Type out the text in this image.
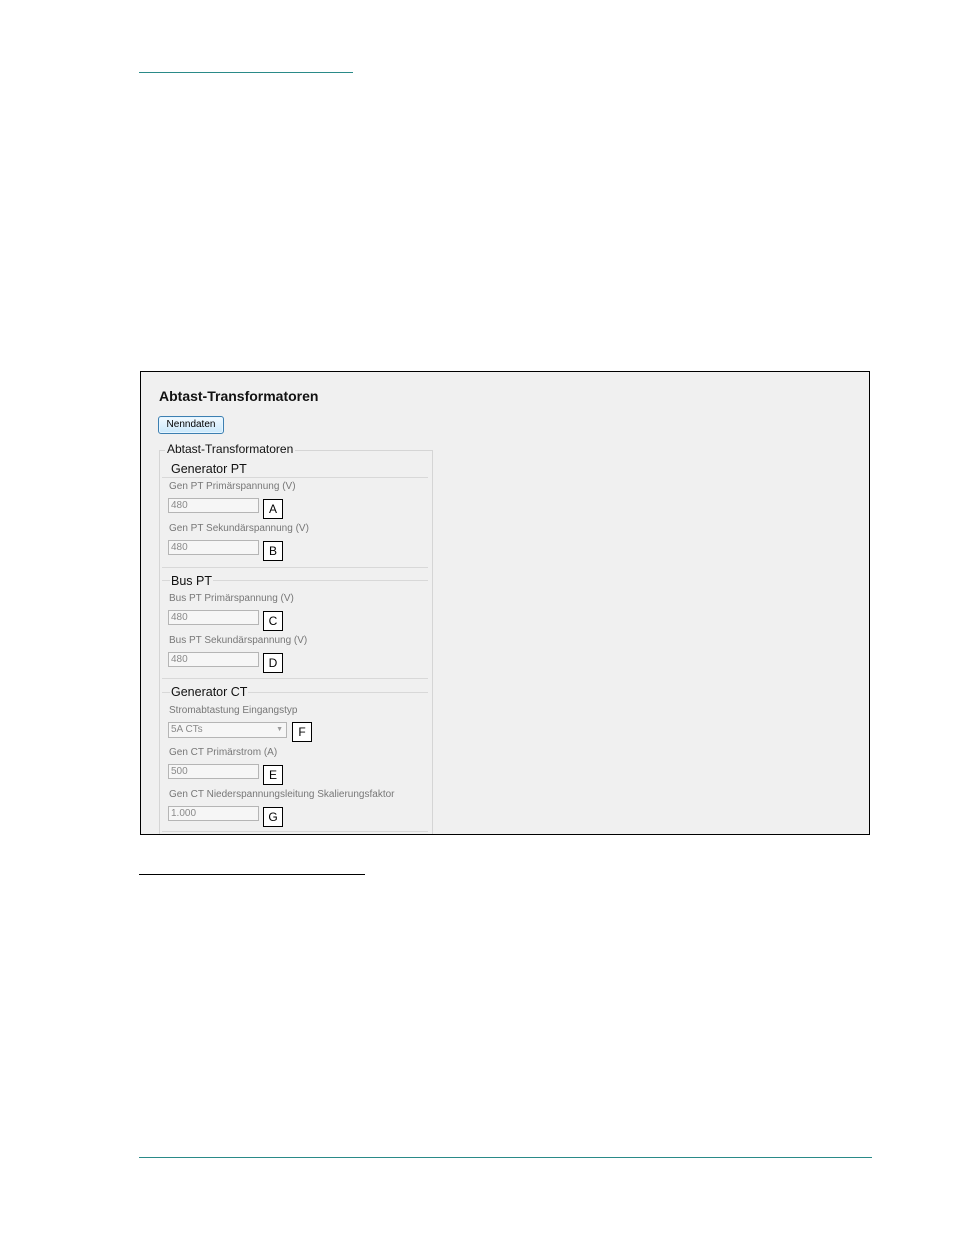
Abtast-Transformatoren
Nenndaten
Abtast-Transformatoren
Generator PT
Gen PT Primärspannung (V)
480	A
Gen PT Sekundärspannung (V)
480	B
Bus PT
Bus PT Primärspannung (V)
480	C
Bus PT Sekundärspannung (V)
480	D
Generator CT
Stromabtastung Eingangstyp
5A CTs	▼	F
Gen CT Primärstrom (A)
500	E
Gen CT Niederspannungsleitung Skalierungsfaktor
1.000	G
